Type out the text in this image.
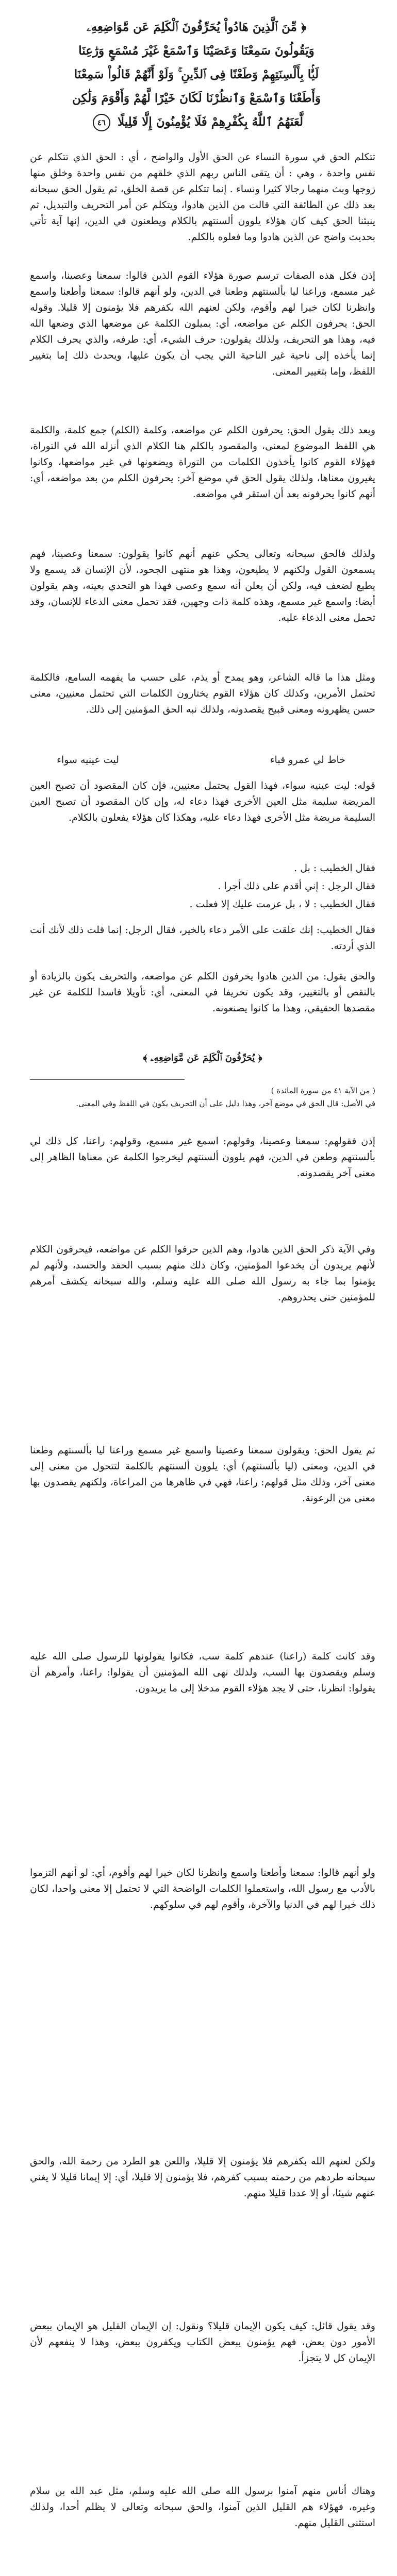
﴿ مِّنَ ٱلَّذِينَ هَادُواْ يُحَرِّفُونَ ٱلْكَلِمَ عَن مَّوَاضِعِهِۦ
وَيَقُولُونَ سَمِعْنَا وَعَصَيْنَا وَٱسْمَعْ غَيْرَ مُسْمَعٍ وَرَٰعِنَا
لَيًّۢا بِأَلْسِنَتِهِمْ وَطَعْنًا فِى ٱلدِّينِ ۚ وَلَوْ أَنَّهُمْ قَالُواْ سَمِعْنَا
وَأَطَعْنَا وَٱسْمَعْ وَٱنظُرْنَا لَكَانَ خَيْرًا لَّهُمْ وَأَقْوَمَ وَلَٰكِن
لَّعَنَهُمُ ٱللَّهُ بِكُفْرِهِمْ فَلَا يُؤْمِنُونَ إِلَّا قَلِيلًا ٤٦
تتكلم الحق في سورة النساء عن الحق الأول والواضح ، أي : الحق الذي تتكلم عن نفس واحدة ، وهي : أن يتقى الناس ربهم الذي خلقهم من نفس واحدة وخلق منها زوجها وبث منهما رجالا كثيرا ونساء . إنما تتكلم عن قصة الخلق، ثم يقول الحق سبحانه بعد ذلك عن الطائفة التي قالت من الذين هادوا، ويتكلم عن أمر التحريف والتبديل، ثم ينبئنا الحق كيف كان هؤلاء يلوون ألسنتهم بالكلام ويطعنون في الدين، إنها آية تأتي بحديث واضح عن الذين هادوا وما فعلوه بالكلم.
إذن فكل هذه الصفات ترسم صورة هؤلاء القوم الذين قالوا: سمعنا وعصينا، واسمع غير مسمع، وراعنا ليا بألسنتهم وطعنا في الدين، ولو أنهم قالوا: سمعنا وأطعنا واسمع وانظرنا لكان خيرا لهم وأقوم، ولكن لعنهم الله بكفرهم فلا يؤمنون إلا قليلا. وقوله الحق: يحرفون الكلم عن مواضعه، أي: يميلون الكلمة عن موضعها الذي وضعها الله فيه، وهذا هو التحريف، ولذلك يقولون: حرف الشيء، أي: طرفه، والذي يحرف الكلام إنما يأخذه إلى ناحية غير الناحية التي يجب أن يكون عليها، ويحدث ذلك إما بتغيير اللفظ، وإما بتغيير المعنى.
وبعد ذلك يقول الحق: يحرفون الكلم عن مواضعه، وكلمة (الكلم) جمع كلمة، والكلمة هي اللفظ الموضوع لمعنى، والمقصود بالكلم هنا الكلام الذي أنزله الله في التوراة، فهؤلاء القوم كانوا يأخذون الكلمات من التوراة ويضعونها في غير مواضعها، وكانوا يغيرون معناها، ولذلك يقول الحق في موضع آخر: يحرفون الكلم من بعد مواضعه، أي: أنهم كانوا يحرفونه بعد أن استقر في مواضعه.
ولذلك فالحق سبحانه وتعالى يحكي عنهم أنهم كانوا يقولون: سمعنا وعصينا، فهم يسمعون القول ولكنهم لا يطيعون، وهذا هو منتهى الجحود، لأن الإنسان قد يسمع ولا يطيع لضعف فيه، ولكن أن يعلن أنه سمع وعصى فهذا هو التحدي بعينه، وهم يقولون أيضا: واسمع غير مسمع، وهذه كلمة ذات وجهين، فقد تحمل معنى الدعاء للإنسان، وقد تحمل معنى الدعاء عليه.
ومثل هذا ما قاله الشاعر، وهو يمدح أو يذم، على حسب ما يفهمه السامع، فالكلمة تحتمل الأمرين، وكذلك كان هؤلاء القوم يختارون الكلمات التي تحتمل معنيين، معنى حسن يظهرونه ومعنى قبيح يقصدونه، ولذلك نبه الحق المؤمنين إلى ذلك.
خاط لي عمرو قباء
ليت عينيه سواء
قوله: ليت عينيه سواء، فهذا القول يحتمل معنيين، فإن كان المقصود أن تصبح العين المريضة سليمة مثل العين الأخرى فهذا دعاء له، وإن كان المقصود أن تصبح العين السليمة مريضة مثل الأخرى فهذا دعاء عليه، وهكذا كان هؤلاء يفعلون بالكلام.
فقال الخطيب : بل .
فقال الرجل : إني أقدم على ذلك أجرا .
فقال الخطيب : لا ، بل عزمت عليك إلا فعلت .
فقال الخطيب: إنك علقت على الأمر دعاء بالخير، فقال الرجل: إنما قلت ذلك لأنك أنت الذي أردته.
والحق يقول: من الذين هادوا يحرفون الكلم عن مواضعه، والتحريف يكون بالزيادة أو بالنقص أو بالتغيير، وقد يكون تحريفا في المعنى، أي: تأويلا فاسدا للكلمة عن غير مقصدها الحقيقي، وهذا ما كانوا يصنعونه.
﴿ يُحَرِّفُونَ ٱلْكَلِمَ عَن مَّوَاضِعِهِۦ ﴾
( من الآية ٤١ من سورة المائدة )
في الأصل: قال الحق في موضع آخر، وهذا دليل على أن التحريف يكون في اللفظ وفي المعنى.
إذن فقولهم: سمعنا وعصينا، وقولهم: اسمع غير مسمع، وقولهم: راعنا، كل ذلك لي بألسنتهم وطعن في الدين، فهم يلوون ألسنتهم ليخرجوا الكلمة عن معناها الظاهر إلى معنى آخر يقصدونه.
وفي الآية ذكر الحق الذين هادوا، وهم الذين حرفوا الكلم عن مواضعه، فيحرفون الكلام لأنهم يريدون أن يخدعوا المؤمنين، وكان ذلك منهم بسبب الحقد والحسد، ولأنهم لم يؤمنوا بما جاء به رسول الله صلى الله عليه وسلم، والله سبحانه يكشف أمرهم للمؤمنين حتى يحذروهم.
ثم يقول الحق: ويقولون سمعنا وعصينا واسمع غير مسمع وراعنا ليا بألسنتهم وطعنا في الدين، ومعنى (ليا بألسنتهم) أي: يلوون ألسنتهم بالكلمة لتتحول من معنى إلى معنى آخر، وذلك مثل قولهم: راعنا، فهي في ظاهرها من المراعاة، ولكنهم يقصدون بها معنى من الرعونة.
وقد كانت كلمة (راعنا) عندهم كلمة سب، فكانوا يقولونها للرسول صلى الله عليه وسلم ويقصدون بها السب، ولذلك نهى الله المؤمنين أن يقولوا: راعنا، وأمرهم أن يقولوا: انظرنا، حتى لا يجد هؤلاء القوم مدخلا إلى ما يريدون.
ولو أنهم قالوا: سمعنا وأطعنا واسمع وانظرنا لكان خيرا لهم وأقوم، أي: لو أنهم التزموا بالأدب مع رسول الله، واستعملوا الكلمات الواضحة التي لا تحتمل إلا معنى واحدا، لكان ذلك خيرا لهم في الدنيا والآخرة، وأقوم لهم في سلوكهم.
ولكن لعنهم الله بكفرهم فلا يؤمنون إلا قليلا، واللعن هو الطرد من رحمة الله، والحق سبحانه طردهم من رحمته بسبب كفرهم، فلا يؤمنون إلا قليلا، أي: إلا إيمانا قليلا لا يغني عنهم شيئا، أو إلا عددا قليلا منهم.
وقد يقول قائل: كيف يكون الإيمان قليلا؟ ونقول: إن الإيمان القليل هو الإيمان ببعض الأمور دون بعض، فهم يؤمنون ببعض الكتاب ويكفرون ببعض، وهذا لا ينفعهم لأن الإيمان كل لا يتجزأ.
وهناك أناس منهم آمنوا برسول الله صلى الله عليه وسلم، مثل عبد الله بن سلام وغيره، فهؤلاء هم القليل الذين آمنوا، والحق سبحانه وتعالى لا يظلم أحدا، ولذلك استثنى القليل منهم.
